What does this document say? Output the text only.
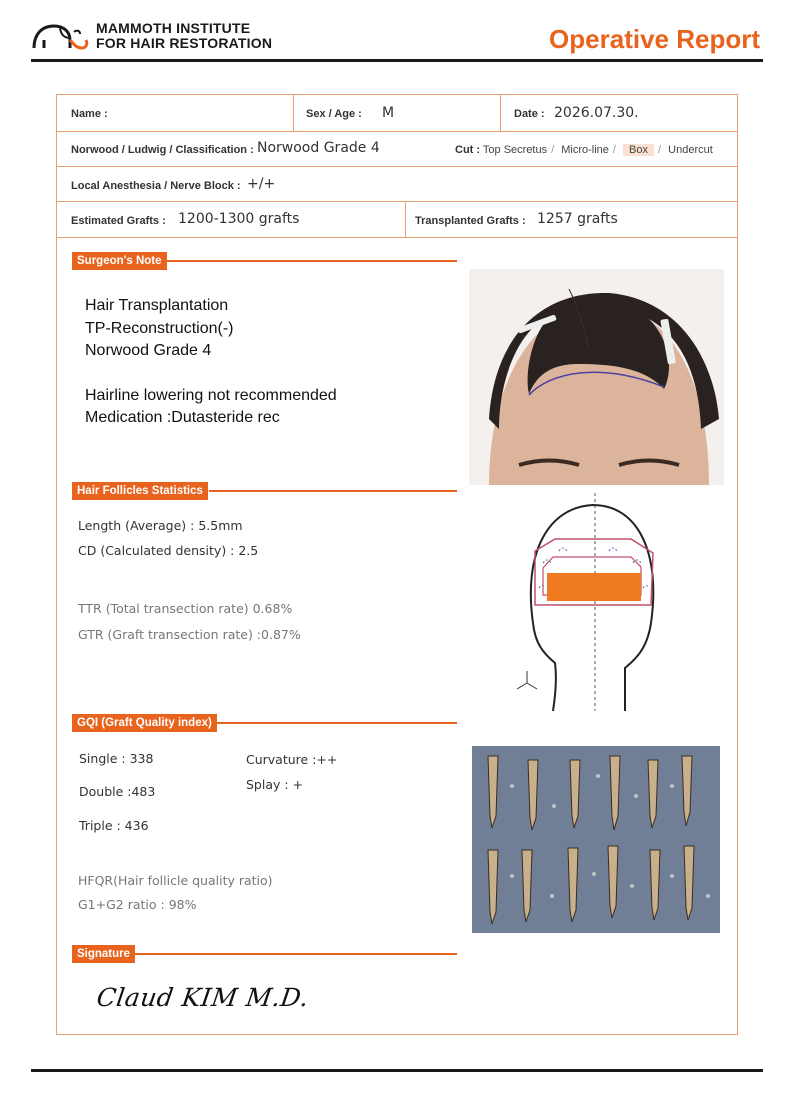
MAMMOTH INSTITUTE
FOR HAIR RESTORATION	Operative Report
Name :	Sex / Age : M	Date : 2026.07.30.
Norwood / Ludwig / Classification : Norwood Grade 4	Cut : Top Secretus / Micro-line / Box / Undercut
Local Anesthesia / Nerve Block : +/+
Estimated Grafts : 1200-1300 grafts	Transplanted Grafts : 1257 grafts
Surgeon's Note
Hair Transplantation
TP-Reconstruction(-)
Norwood Grade 4
Hairline lowering not recommended
Medication :Dutasteride rec
Hair Follicles Statistics
Length (Average) : 5.5mm
CD (Calculated density) : 2.5
TTR (Total transection rate) 0.68%
GTR (Graft transection rate) :0.87%
GQI (Graft Quality index)
Single : 338
Double :483
Triple : 436
Curvature :++
Splay : +
HFQR(Hair follicle quality ratio)
G1+G2 ratio : 98%
Signature
Claud KIM M.D.
